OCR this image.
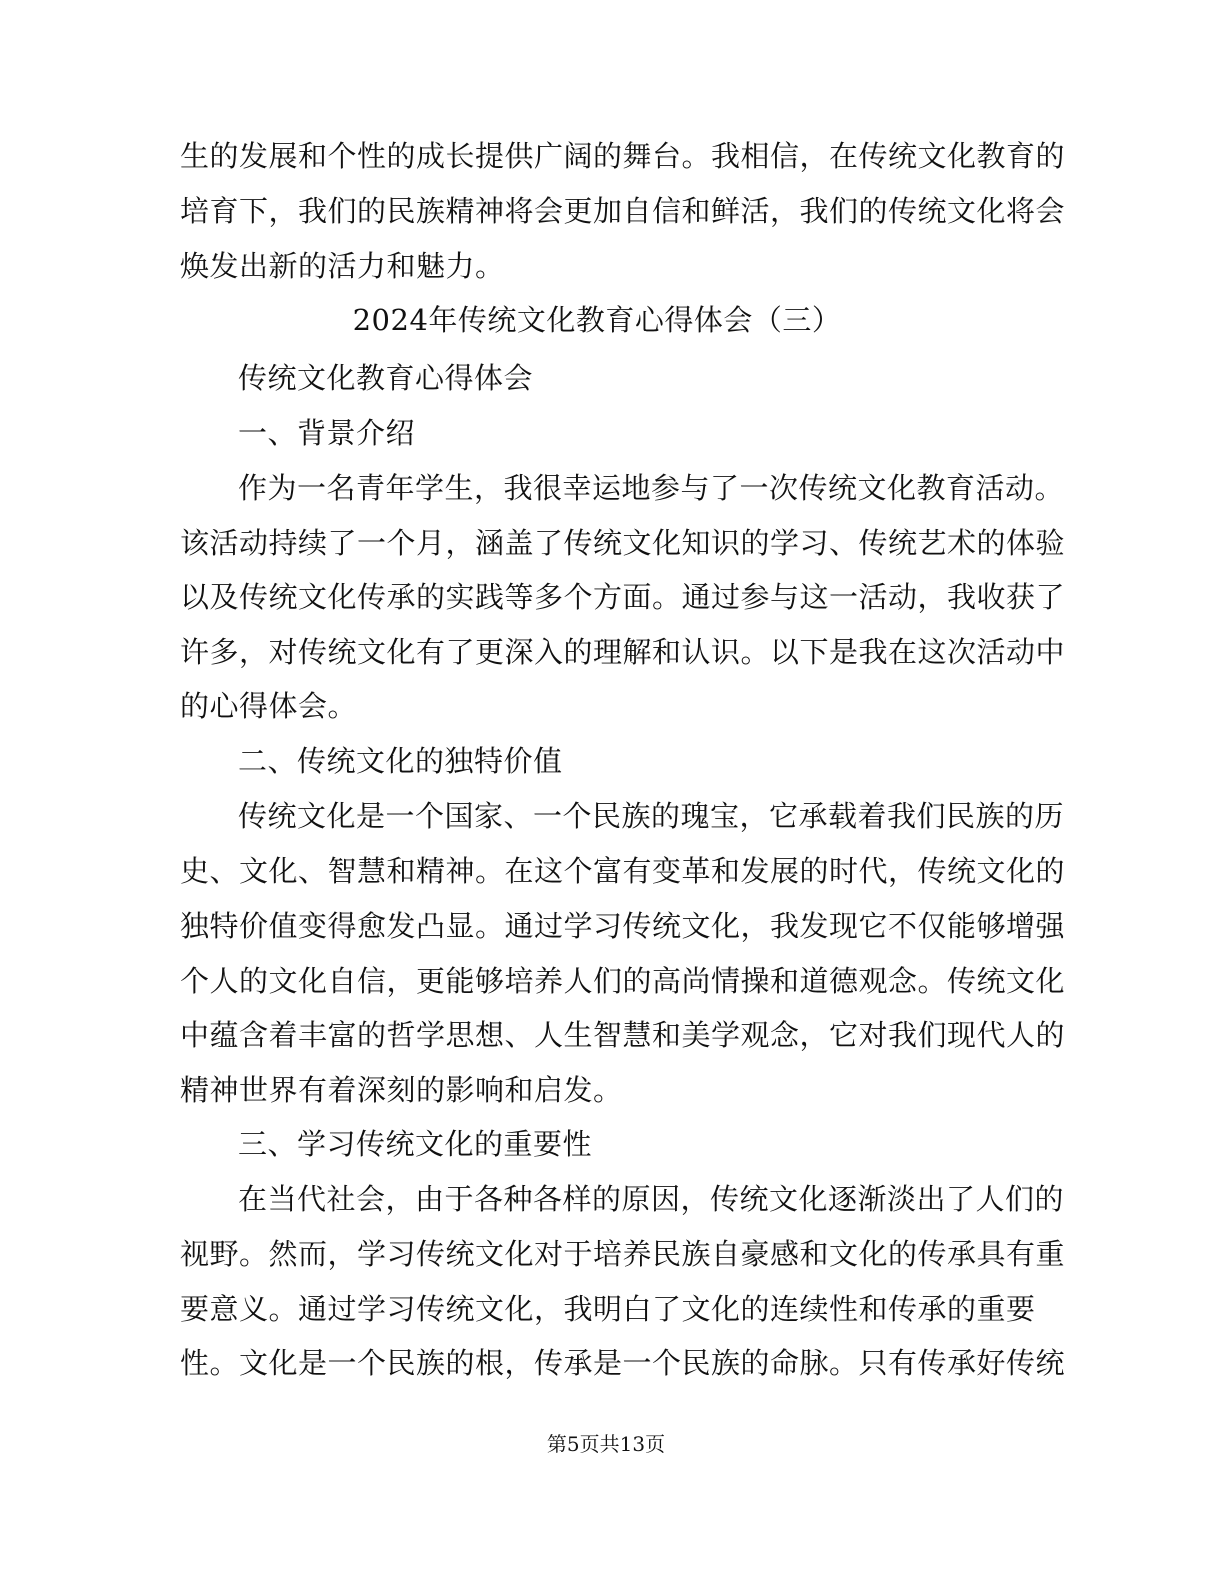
生的发展和个性的成长提供广阔的舞台。我相信，在传统文化教育的
培育下，我们的民族精神将会更加自信和鲜活，我们的传统文化将会
焕发出新的活力和魅力。
2024年传统文化教育心得体会（三）
传统文化教育心得体会
一、背景介绍
作为一名青年学生，我很幸运地参与了一次传统文化教育活动。
该活动持续了一个月，涵盖了传统文化知识的学习、传统艺术的体验
以及传统文化传承的实践等多个方面。通过参与这一活动，我收获了
许多，对传统文化有了更深入的理解和认识。以下是我在这次活动中
的心得体会。
二、传统文化的独特价值
传统文化是一个国家、一个民族的瑰宝，它承载着我们民族的历
史、文化、智慧和精神。在这个富有变革和发展的时代，传统文化的
独特价值变得愈发凸显。通过学习传统文化，我发现它不仅能够增强
个人的文化自信，更能够培养人们的高尚情操和道德观念。传统文化
中蕴含着丰富的哲学思想、人生智慧和美学观念，它对我们现代人的
精神世界有着深刻的影响和启发。
三、学习传统文化的重要性
在当代社会，由于各种各样的原因，传统文化逐渐淡出了人们的
视野。然而，学习传统文化对于培养民族自豪感和文化的传承具有重
要意义。通过学习传统文化，我明白了文化的连续性和传承的重要
性。文化是一个民族的根，传承是一个民族的命脉。只有传承好传统
第5页共13页
